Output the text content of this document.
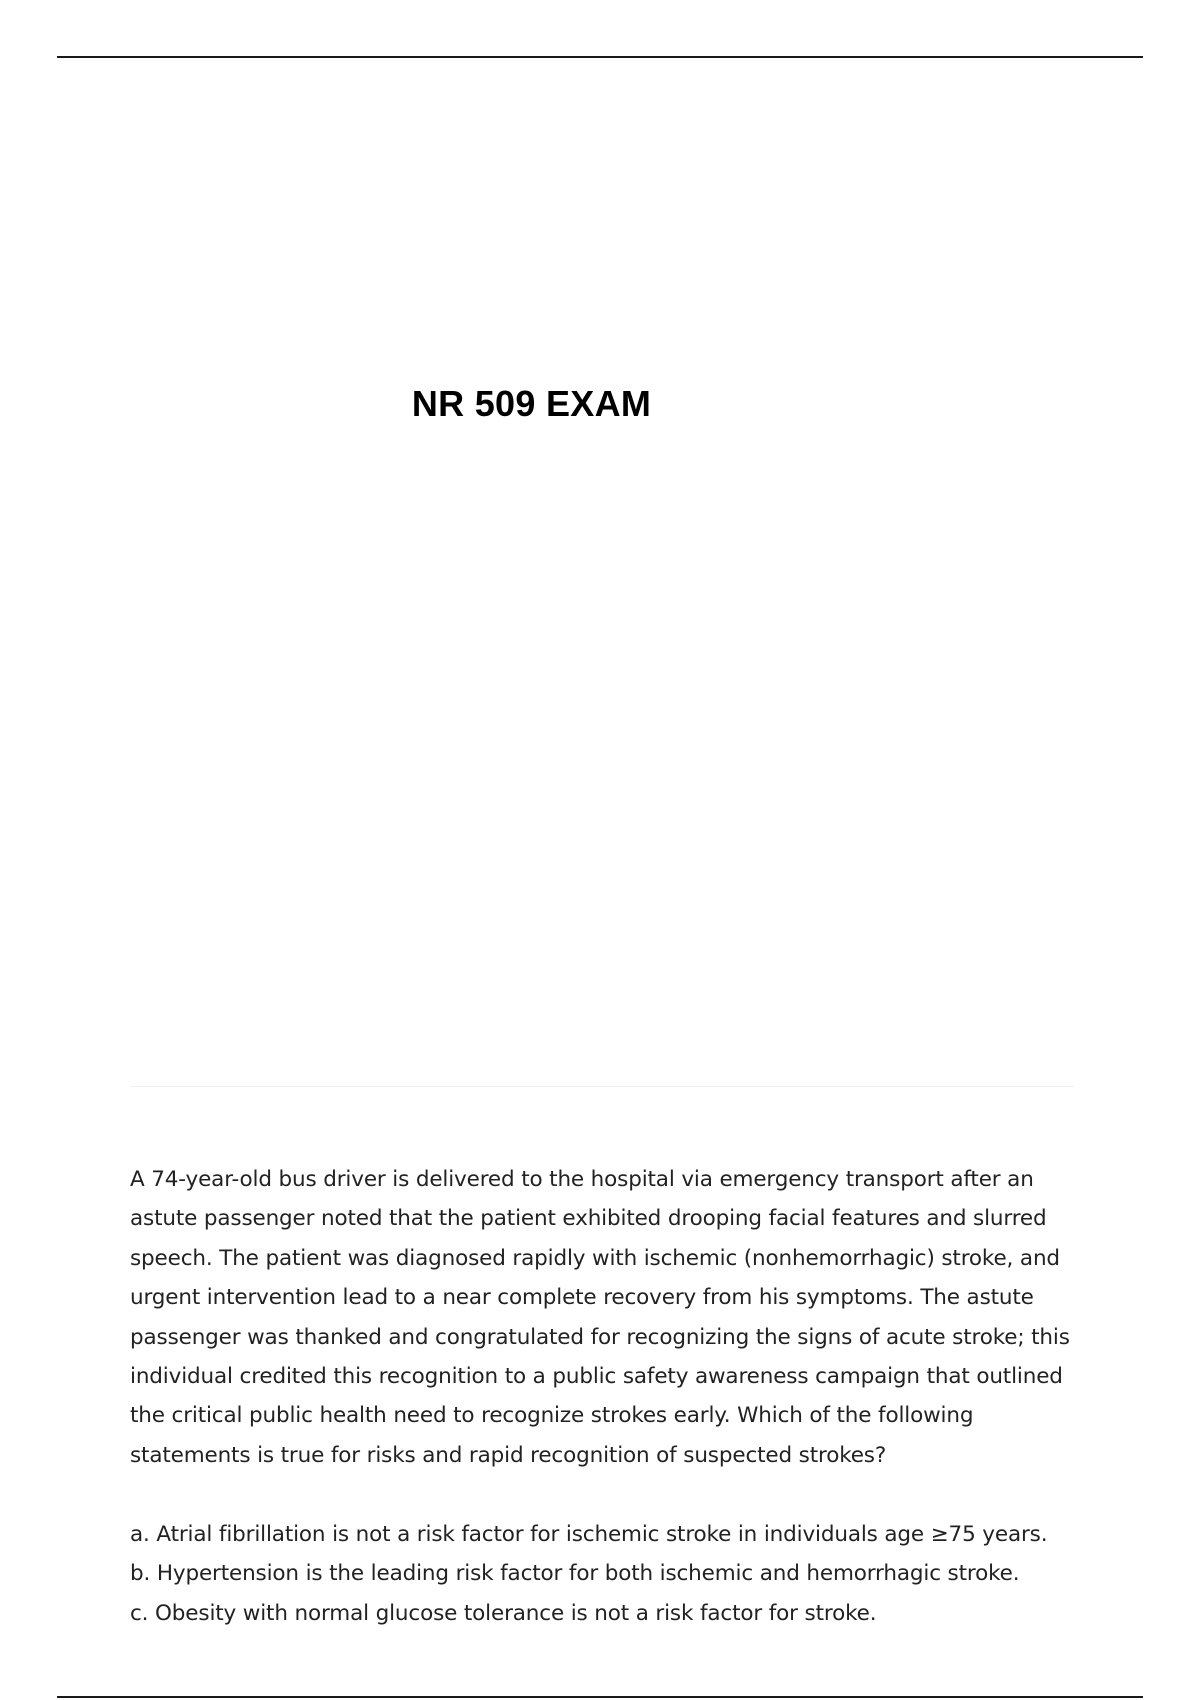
NR 509 EXAM

A 74-year-old bus driver is delivered to the hospital via emergency transport after an astute passenger noted that the patient exhibited drooping facial features and slurred speech. The patient was diagnosed rapidly with ischemic (nonhemorrhagic) stroke, and urgent intervention lead to a near complete recovery from his symptoms. The astute passenger was thanked and congratulated for recognizing the signs of acute stroke; this individual credited this recognition to a public safety awareness campaign that outlined the critical public health need to recognize strokes early. Which of the following statements is true for risks and rapid recognition of suspected strokes?

a. Atrial fibrillation is not a risk factor for ischemic stroke in individuals age ≥75 years.
b. Hypertension is the leading risk factor for both ischemic and hemorrhagic stroke.
c. Obesity with normal glucose tolerance is not a risk factor for stroke.
